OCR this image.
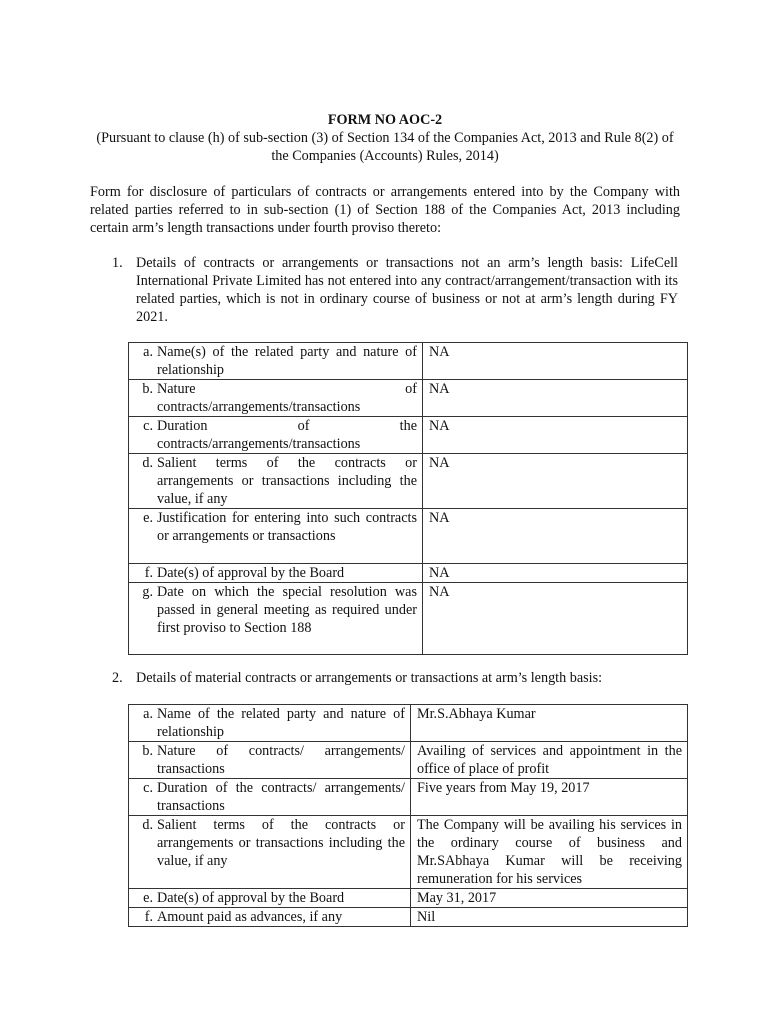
FORM NO AOC-2
(Pursuant to clause (h) of sub-section (3) of Section 134 of the Companies Act, 2013 and Rule 8(2) of the Companies (Accounts) Rules, 2014)
Form for disclosure of particulars of contracts or arrangements entered into by the Company with related parties referred to in sub-section (1) of Section 188 of the Companies Act, 2013 including certain arm’s length transactions under fourth proviso thereto:
1. Details of contracts or arrangements or transactions not an arm’s length basis: LifeCell International Private Limited has not entered into any contract/arrangement/transaction with its related parties, which is not in ordinary course of business or not at arm’s length during FY 2021.
a. Name(s) of the related party and nature of relationship	NA

b. Nature of contracts/arrangements/transactions	NA

c. Duration of the contracts/arrangements/transactions	NA

d. Salient terms of the contracts or arrangements or transactions including the value, if any	NA

e. Justification for entering into such contracts or arrangements or transactions	NA

f. Date(s) of approval by the Board	NA

g. Date on which the special resolution was passed in general meeting as required under first proviso to Section 188	NA
2. Details of material contracts or arrangements or transactions at arm’s length basis:
a. Name of the related party and nature of relationship	Mr.S.Abhaya Kumar

b. Nature of contracts/ arrangements/ transactions	Availing of services and appointment in the office of place of profit

c. Duration of the contracts/ arrangements/ transactions	Five years from May 19, 2017

d. Salient terms of the contracts or arrangements or transactions including the value, if any	The Company will be availing his services in the ordinary course of business and Mr.SAbhaya Kumar will be receiving remuneration for his services

e. Date(s) of approval by the Board	May 31, 2017

f. Amount paid as advances, if any	Nil
